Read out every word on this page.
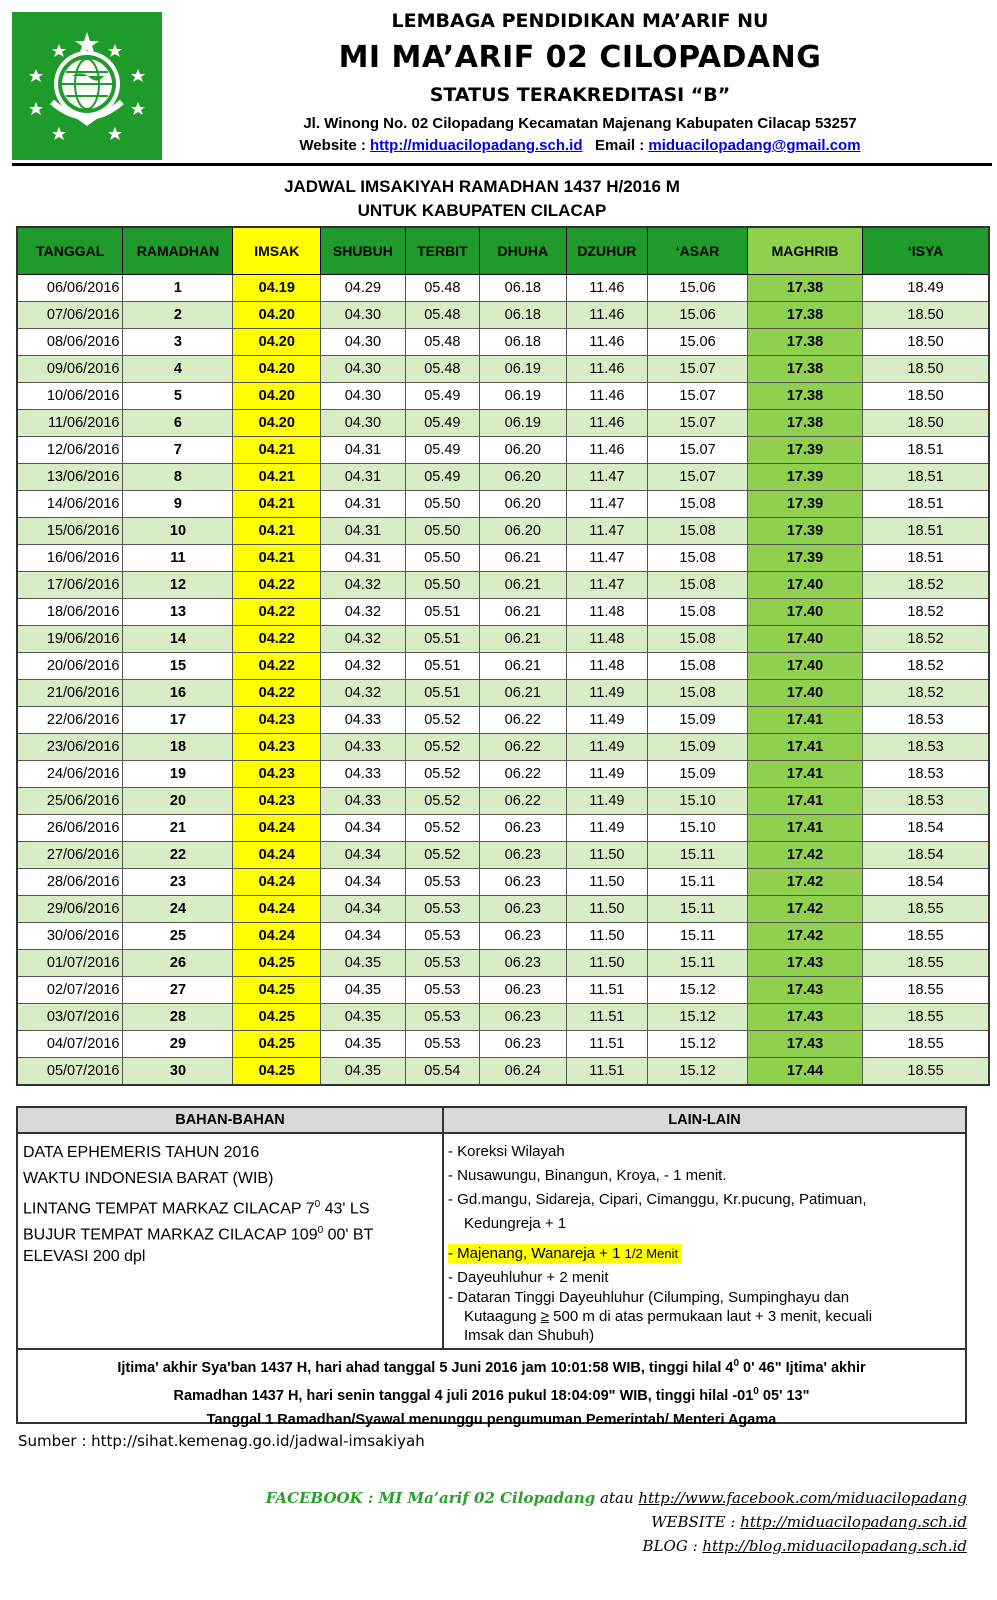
LEMBAGA PENDIDIKAN MA’ARIF NU
MI MA’ARIF 02 CILOPADANG
STATUS TERAKREDITASI “B”
Jl. Winong No. 02 Cilopadang Kecamatan Majenang Kabupaten Cilacap 53257
Website : http://miduacilopadang.sch.id Email : miduacilopadang@gmail.com
JADWAL IMSAKIYAH RAMADHAN 1437 H/2016 M
UNTUK KABUPATEN CILACAP
TANGGAL	RAMADHAN	IMSAK	SHUBUH	TERBIT	DHUHA	DZUHUR	‘ASAR	MAGHRIB	‘ISYA
06/06/2016	1	04.19	04.29	05.48	06.18	11.46	15.06	17.38	18.49
07/06/2016	2	04.20	04.30	05.48	06.18	11.46	15.06	17.38	18.50
08/06/2016	3	04.20	04.30	05.48	06.18	11.46	15.06	17.38	18.50
09/06/2016	4	04.20	04.30	05.48	06.19	11.46	15.07	17.38	18.50
10/06/2016	5	04.20	04.30	05.49	06.19	11.46	15.07	17.38	18.50
11/06/2016	6	04.20	04.30	05.49	06.19	11.46	15.07	17.38	18.50
12/06/2016	7	04.21	04.31	05.49	06.20	11.46	15.07	17.39	18.51
13/06/2016	8	04.21	04.31	05.49	06.20	11.47	15.07	17.39	18.51
14/06/2016	9	04.21	04.31	05.50	06.20	11.47	15.08	17.39	18.51
15/06/2016	10	04.21	04.31	05.50	06.20	11.47	15.08	17.39	18.51
16/06/2016	11	04.21	04.31	05.50	06.21	11.47	15.08	17.39	18.51
17/06/2016	12	04.22	04.32	05.50	06.21	11.47	15.08	17.40	18.52
18/06/2016	13	04.22	04.32	05.51	06.21	11.48	15.08	17.40	18.52
19/06/2016	14	04.22	04.32	05.51	06.21	11.48	15.08	17.40	18.52
20/06/2016	15	04.22	04.32	05.51	06.21	11.48	15.08	17.40	18.52
21/06/2016	16	04.22	04.32	05.51	06.21	11.49	15.08	17.40	18.52
22/06/2016	17	04.23	04.33	05.52	06.22	11.49	15.09	17.41	18.53
23/06/2016	18	04.23	04.33	05.52	06.22	11.49	15.09	17.41	18.53
24/06/2016	19	04.23	04.33	05.52	06.22	11.49	15.09	17.41	18.53
25/06/2016	20	04.23	04.33	05.52	06.22	11.49	15.10	17.41	18.53
26/06/2016	21	04.24	04.34	05.52	06.23	11.49	15.10	17.41	18.54
27/06/2016	22	04.24	04.34	05.52	06.23	11.50	15.11	17.42	18.54
28/06/2016	23	04.24	04.34	05.53	06.23	11.50	15.11	17.42	18.54
29/06/2016	24	04.24	04.34	05.53	06.23	11.50	15.11	17.42	18.55
30/06/2016	25	04.24	04.34	05.53	06.23	11.50	15.11	17.42	18.55
01/07/2016	26	04.25	04.35	05.53	06.23	11.50	15.11	17.43	18.55
02/07/2016	27	04.25	04.35	05.53	06.23	11.51	15.12	17.43	18.55
03/07/2016	28	04.25	04.35	05.53	06.23	11.51	15.12	17.43	18.55
04/07/2016	29	04.25	04.35	05.53	06.23	11.51	15.12	17.43	18.55
05/07/2016	30	04.25	04.35	05.54	06.24	11.51	15.12	17.44	18.55
BAHAN-BAHAN
DATA EPHEMERIS TAHUN 2016
WAKTU INDONESIA BARAT (WIB)
LINTANG TEMPAT MARKAZ CILACAP $7^0$ 43' LS
BUJUR TEMPAT MARKAZ CILACAP $109^0$ 00' BT
ELEVASI 200 dpl
LAIN-LAIN
- Koreksi Wilayah
- Nusawungu, Binangun, Kroya, - 1 menit.
- Gd.mangu, Sidareja, Cipari, Cimanggu, Kr.pucung, Patimuan,
Kedungreja + 1
- Majenang, Wanareja + 1 1/2 Menit
- Dayeuhluhur + 2 menit
- Dataran Tinggi Dayeuhluhur (Cilumping, Sumpinghayu dan
Kutaagung ≥ 500 m di atas permukaan laut + 3 menit, kecuali
Imsak dan Shubuh)
Ijtima' akhir Sya'ban 1437 H, hari ahad tanggal 5 Juni 2016 jam 10:01:58 WIB, tinggi hilal $4^0$ 0' 46" Ijtima' akhir
Ramadhan 1437 H, hari senin tanggal 4 juli 2016 pukul 18:04:09" WIB, tinggi hilal $-01^0$ 05' 13"
Tanggal 1 Ramadhan/Syawal menunggu pengumuman Pemerintah/ Menteri Agama
Sumber : http://sihat.kemenag.go.id/jadwal-imsakiyah
FACEBOOK : MI Ma’arif 02 Cilopadang atau http://www.facebook.com/miduacilopadang
WEBSITE : http://miduacilopadang.sch.id
BLOG : http://blog.miduacilopadang.sch.id
